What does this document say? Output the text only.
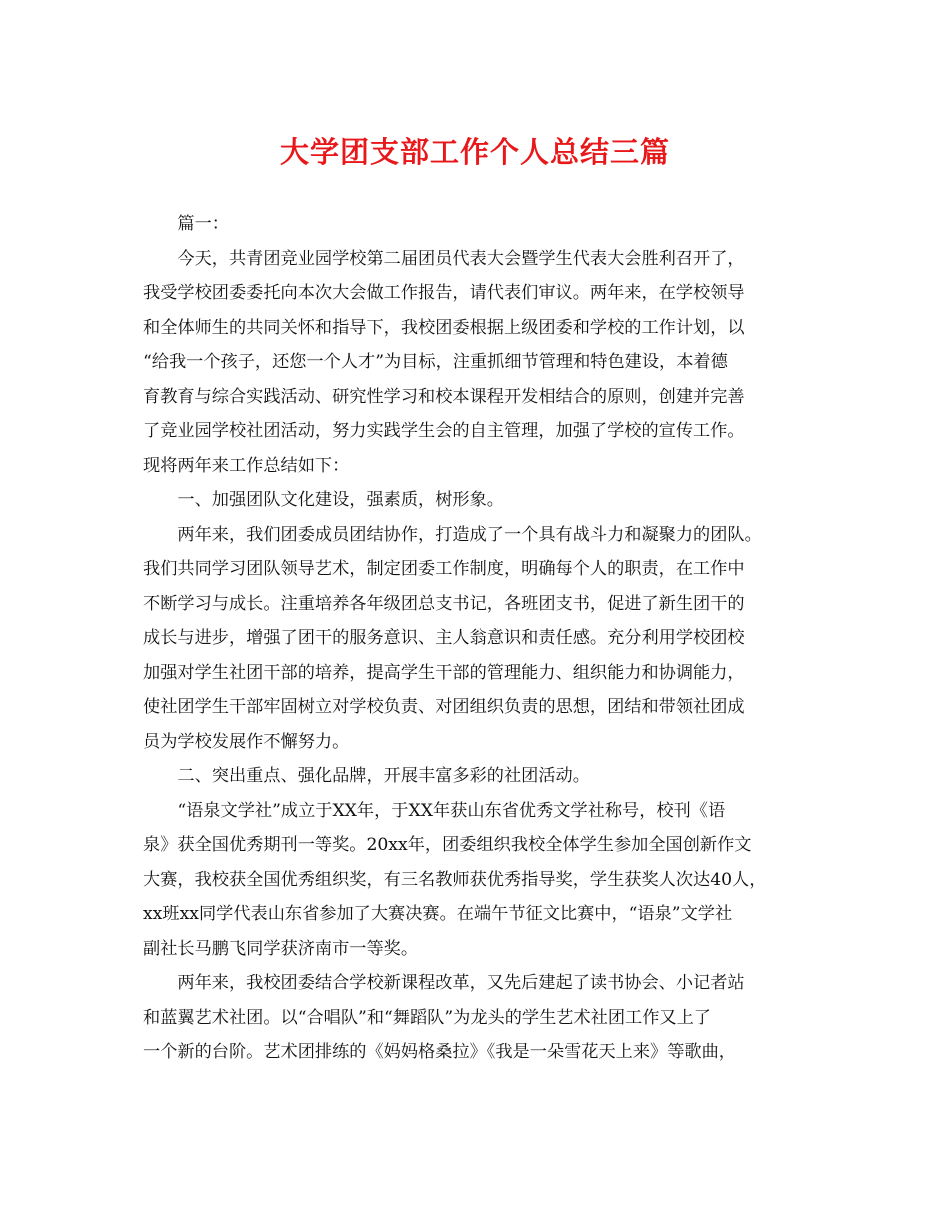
大学团支部工作个人总结三篇
　　篇一：
　　今天，共青团竞业园学校第二届团员代表大会暨学生代表大会胜利召开了，
我受学校团委委托向本次大会做工作报告，请代表们审议。两年来，在学校领导
和全体师生的共同关怀和指导下，我校团委根据上级团委和学校的工作计划，以
“给我一个孩子，还您一个人才”为目标，注重抓细节管理和特色建设，本着德
育教育与综合实践活动、研究性学习和校本课程开发相结合的原则，创建并完善
了竞业园学校社团活动，努力实践学生会的自主管理，加强了学校的宣传工作。
现将两年来工作总结如下：
　　一、加强团队文化建设，强素质，树形象。
　　两年来，我们团委成员团结协作，打造成了一个具有战斗力和凝聚力的团队。
我们共同学习团队领导艺术，制定团委工作制度，明确每个人的职责，在工作中
不断学习与成长。注重培养各年级团总支书记，各班团支书，促进了新生团干的
成长与进步，增强了团干的服务意识、主人翁意识和责任感。充分利用学校团校
加强对学生社团干部的培养，提高学生干部的管理能力、组织能力和协调能力，
使社团学生干部牢固树立对学校负责、对团组织负责的思想，团结和带领社团成
员为学校发展作不懈努力。
　　二、突出重点、强化品牌，开展丰富多彩的社团活动。
　　“语泉文学社”成立于XX年，于XX年获山东省优秀文学社称号，校刊《语
泉》获全国优秀期刊一等奖。20xx年，团委组织我校全体学生参加全国创新作文
大赛，我校获全国优秀组织奖，有三名教师获优秀指导奖，学生获奖人次达40人，
xx班xx同学代表山东省参加了大赛决赛。在端午节征文比赛中，“语泉”文学社
副社长马鹏飞同学获济南市一等奖。
　　两年来，我校团委结合学校新课程改革，又先后建起了读书协会、小记者站
和蓝翼艺术社团。以“合唱队”和“舞蹈队”为龙头的学生艺术社团工作又上了
一个新的台阶。艺术团排练的《妈妈格桑拉》《我是一朵雪花天上来》等歌曲，
